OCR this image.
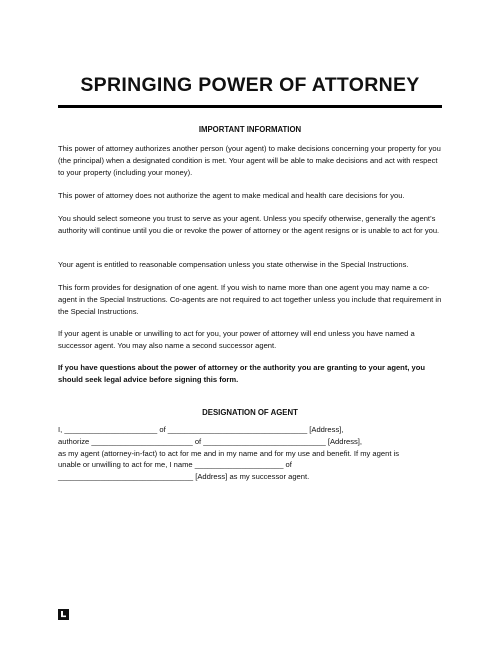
SPRINGING POWER OF ATTORNEY
IMPORTANT INFORMATION

This power of attorney authorizes another person (your agent) to make decisions concerning your property for you (the principal) when a designated condition is met. Your agent will be able to make decisions and act with respect to your property (including your money).

This power of attorney does not authorize the agent to make medical and health care decisions for you.

You should select someone you trust to serve as your agent. Unless you specify otherwise, generally the agent’s authority will continue until you die or revoke the power of attorney or the agent resigns or is unable to act for you.

Your agent is entitled to reasonable compensation unless you state otherwise in the Special Instructions.

This form provides for designation of one agent. If you wish to name more than one agent you may name a co-agent in the Special Instructions. Co-agents are not required to act together unless you include that requirement in the Special Instructions.

If your agent is unable or unwilling to act for you, your power of attorney will end unless you have named a successor agent. You may also name a second successor agent.

If you have questions about the power of attorney or the authority you are granting to your agent, you should seek legal advice before signing this form.

DESIGNATION OF AGENT
I, ______________________ of _________________________________ [Address],
authorize ________________________ of _____________________________ [Address],
as my agent (attorney-in-fact) to act for me and in my name and for my use and benefit. If my agent is
unable or unwilling to act for me, I name _____________________ of
________________________________ [Address] as my successor agent.
